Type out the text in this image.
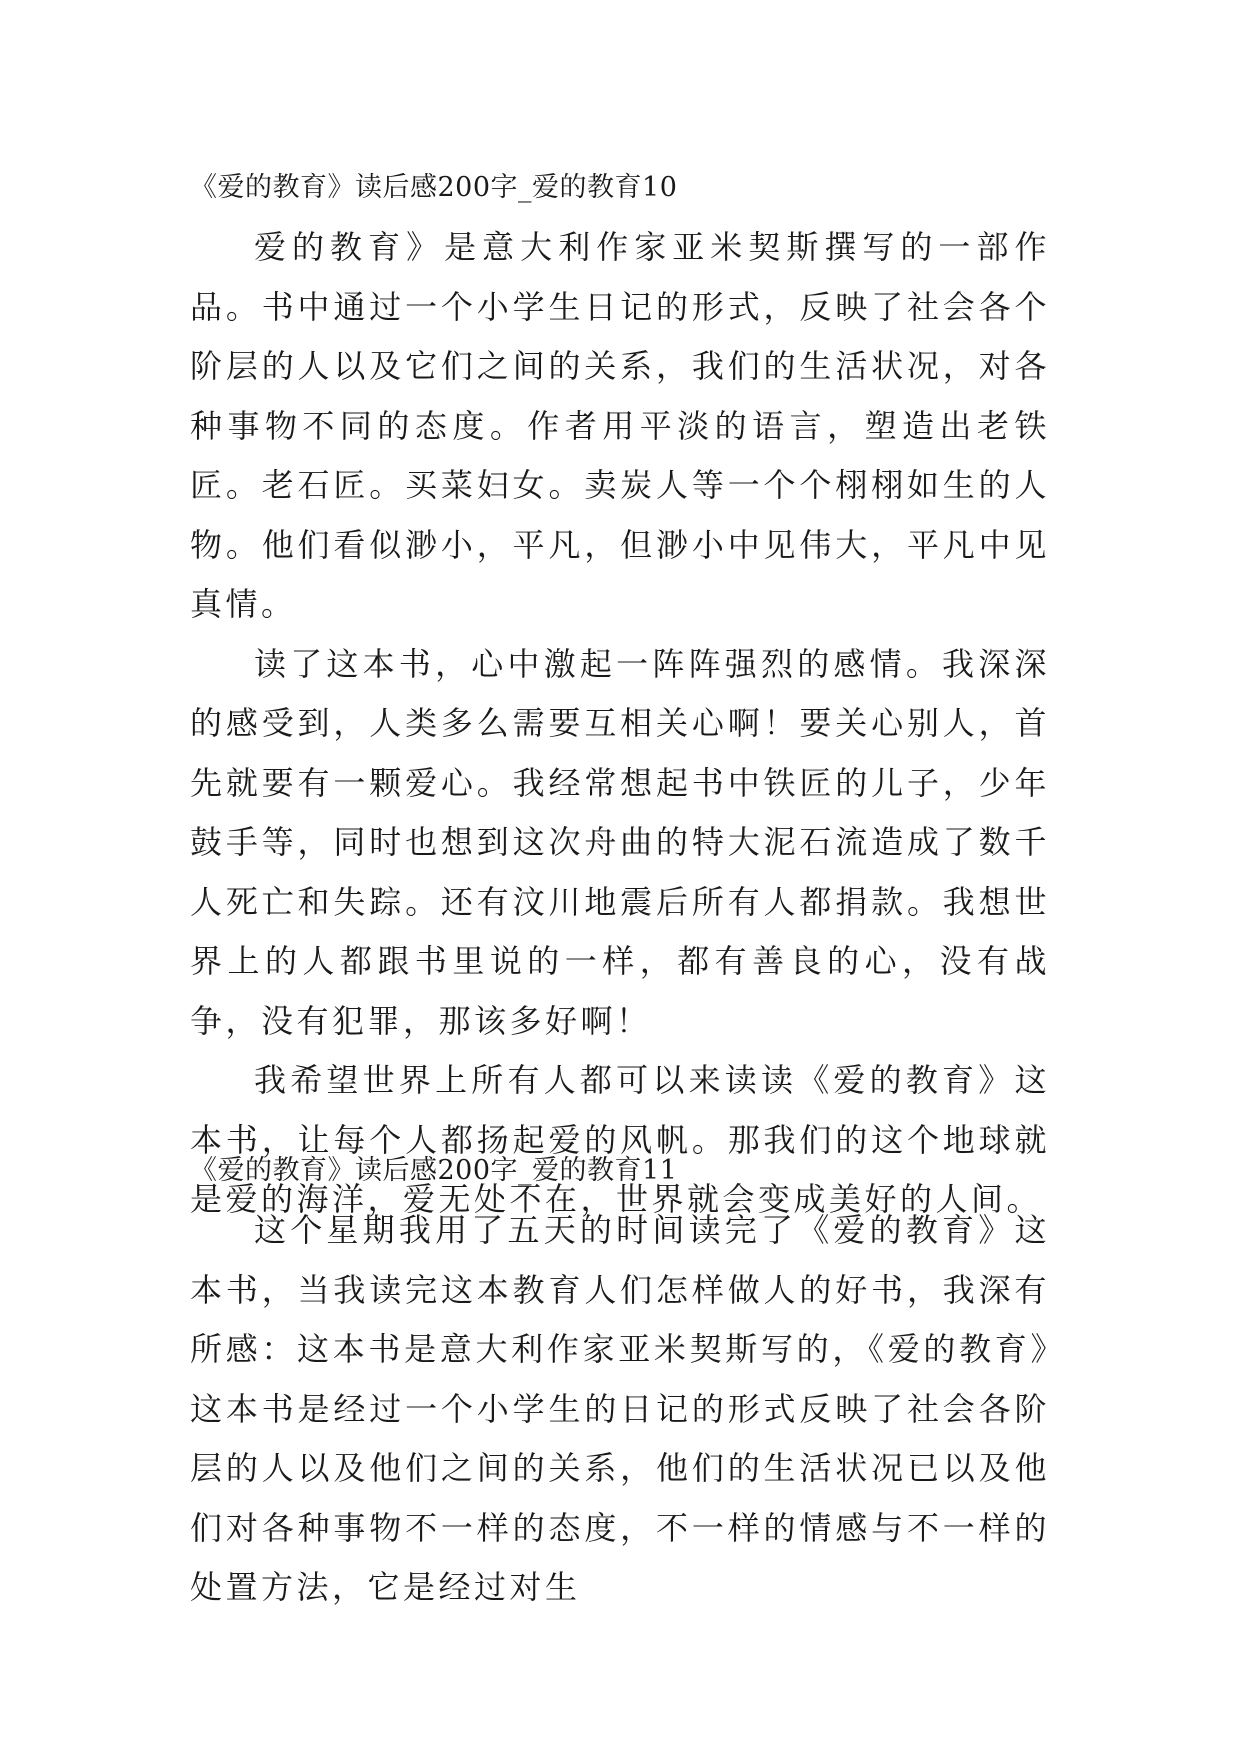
《爱的教育》读后感200字_爱的教育10

爱的教育》是意大利作家亚米契斯撰写的一部作品。书中通过一个小学生日记的形式，反映了社会各个阶层的人以及它们之间的关系，我们的生活状况，对各种事物不同的态度。作者用平淡的语言，塑造出老铁匠。老石匠。买菜妇女。卖炭人等一个个栩栩如生的人物。他们看似渺小，平凡，但渺小中见伟大，平凡中见真情。

读了这本书，心中激起一阵阵强烈的感情。我深深的感受到，人类多么需要互相关心啊！要关心别人，首先就要有一颗爱心。我经常想起书中铁匠的儿子，少年鼓手等，同时也想到这次舟曲的特大泥石流造成了数千人死亡和失踪。还有汶川地震后所有人都捐款。我想世界上的人都跟书里说的一样，都有善良的心，没有战争，没有犯罪，那该多好啊！

我希望世界上所有人都可以来读读《爱的教育》这本书，让每个人都扬起爱的风帆。那我们的这个地球就是爱的海洋，爱无处不在，世界就会变成美好的人间。

《爱的教育》读后感200字_爱的教育11

这个星期我用了五天的时间读完了《爱的教育》这本书，当我读完这本教育人们怎样做人的好书，我深有所感：这本书是意大利作家亚米契斯写的，《爱的教育》这本书是经过一个小学生的日记的形式反映了社会各阶层的人以及他们之间的关系，他们的生活状况已以及他们对各种事物不一样的态度，不一样的情感与不一样的处置方法，它是经过对生
